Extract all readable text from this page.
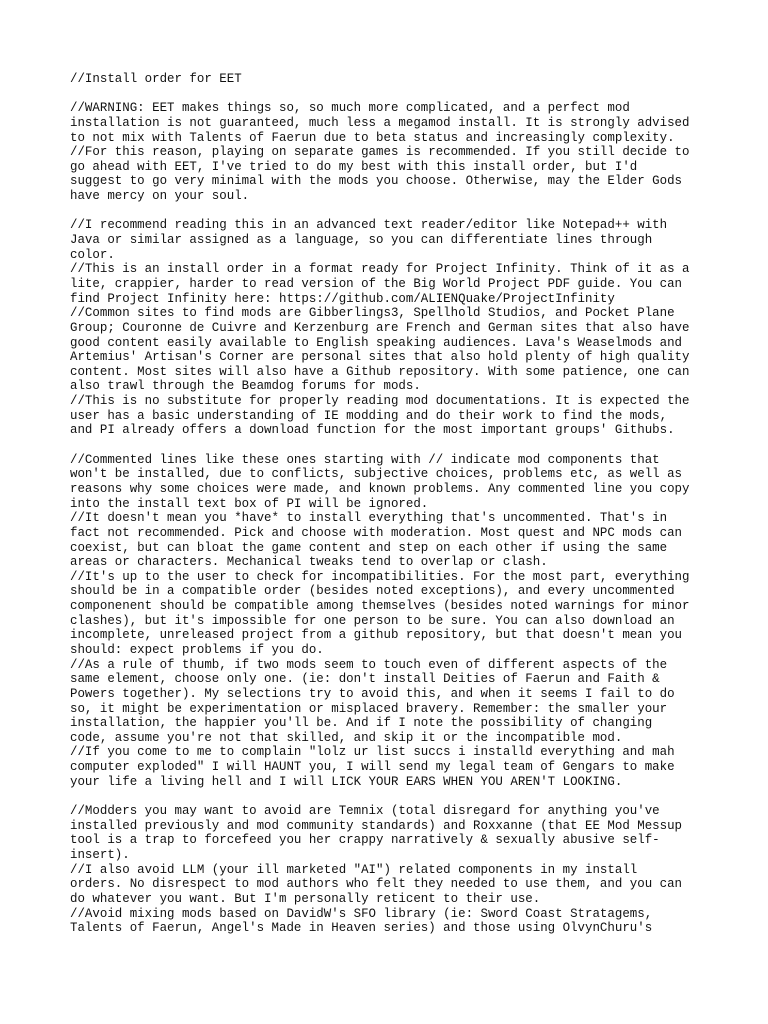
//Install order for EET
//WARNING: EET makes things so, so much more complicated, and a perfect mod
installation is not guaranteed, much less a megamod install. It is strongly advised
to not mix with Talents of Faerun due to beta status and increasingly complexity.
//For this reason, playing on separate games is recommended. If you still decide to
go ahead with EET, I've tried to do my best with this install order, but I'd
suggest to go very minimal with the mods you choose. Otherwise, may the Elder Gods
have mercy on your soul.
//I recommend reading this in an advanced text reader/editor like Notepad++ with
Java or similar assigned as a language, so you can differentiate lines through
color.
//This is an install order in a format ready for Project Infinity. Think of it as a
lite, crappier, harder to read version of the Big World Project PDF guide. You can
find Project Infinity here: https://github.com/ALIENQuake/ProjectInfinity
//Common sites to find mods are Gibberlings3, Spellhold Studios, and Pocket Plane
Group; Couronne de Cuivre and Kerzenburg are French and German sites that also have
good content easily available to English speaking audiences. Lava's Weaselmods and
Artemius' Artisan's Corner are personal sites that also hold plenty of high quality
content. Most sites will also have a Github repository. With some patience, one can
also trawl through the Beamdog forums for mods.
//This is no substitute for properly reading mod documentations. It is expected the
user has a basic understanding of IE modding and do their work to find the mods,
and PI already offers a download function for the most important groups' Githubs.
//Commented lines like these ones starting with // indicate mod components that
won't be installed, due to conflicts, subjective choices, problems etc, as well as
reasons why some choices were made, and known problems. Any commented line you copy
into the install text box of PI will be ignored.
//It doesn't mean you *have* to install everything that's uncommented. That's in
fact not recommended. Pick and choose with moderation. Most quest and NPC mods can
coexist, but can bloat the game content and step on each other if using the same
areas or characters. Mechanical tweaks tend to overlap or clash.
//It's up to the user to check for incompatibilities. For the most part, everything
should be in a compatible order (besides noted exceptions), and every uncommented
componenent should be compatible among themselves (besides noted warnings for minor
clashes), but it's impossible for one person to be sure. You can also download an
incomplete, unreleased project from a github repository, but that doesn't mean you
should: expect problems if you do.
//As a rule of thumb, if two mods seem to touch even of different aspects of the
same element, choose only one. (ie: don't install Deities of Faerun and Faith &
Powers together). My selections try to avoid this, and when it seems I fail to do
so, it might be experimentation or misplaced bravery. Remember: the smaller your
installation, the happier you'll be. And if I note the possibility of changing
code, assume you're not that skilled, and skip it or the incompatible mod.
//If you come to me to complain "lolz ur list succs i installd everything and mah
computer exploded" I will HAUNT you, I will send my legal team of Gengars to make
your life a living hell and I will LICK YOUR EARS WHEN YOU AREN'T LOOKING.
//Modders you may want to avoid are Temnix (total disregard for anything you've
installed previously and mod community standards) and Roxxanne (that EE Mod Messup
tool is a trap to forcefeed you her crappy narratively & sexually abusive self-
insert).
//I also avoid LLM (your ill marketed "AI") related components in my install
orders. No disrespect to mod authors who felt they needed to use them, and you can
do whatever you want. But I'm personally reticent to their use.
//Avoid mixing mods based on DavidW's SFO library (ie: Sword Coast Stratagems,
Talents of Faerun, Angel's Made in Heaven series) and those using OlvynChuru's
